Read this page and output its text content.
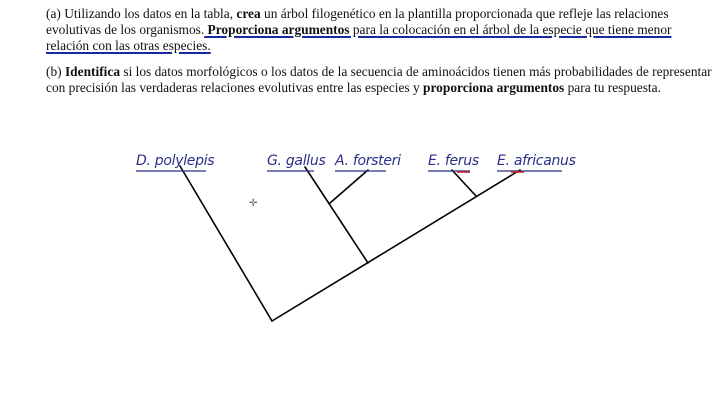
(a) Utilizando los datos en la tabla, crea un árbol filogenético en la plantilla proporcionada que refleje las relaciones evolutivas de los organismos. Proporciona argumentos para la colocación en el árbol de la especie que tiene menor relación con las otras especies.

(b) Identifica si los datos morfológicos o los datos de la secuencia de aminoácidos tienen más probabilidades de representar con precisión las verdaderas relaciones evolutivas entre las especies y proporciona argumentos para tu respuesta.

D. polylepis	G. gallus A. forsteri E. ferus E. africanus
✛
